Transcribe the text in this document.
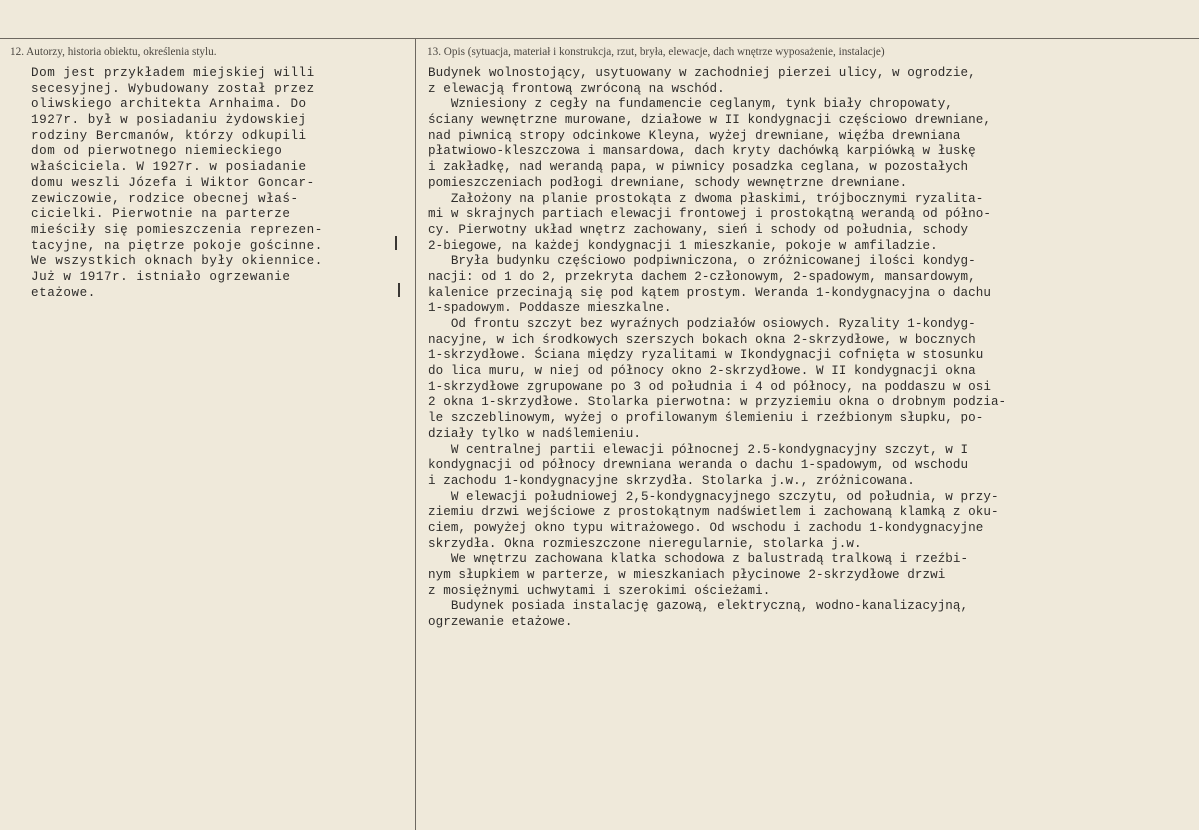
12. Autorzy, historia obiektu, określenia stylu.	13. Opis (sytuacja, materiał i konstrukcja, rzut, bryła, elewacje, dach wnętrze wyposażenie, instalacje)
Dom jest przykładem miejskiej willi
secesyjnej. Wybudowany został przez
oliwskiego architekta Arnhaima. Do
1927r. był w posiadaniu żydowskiej
rodziny Bercmanów, którzy odkupili
dom od pierwotnego niemieckiego
właściciela. W 1927r. w posiadanie
domu weszli Józefa i Wiktor Goncar-
zewiczowie, rodzice obecnej właś-
cicielki. Pierwotnie na parterze
mieściły się pomieszczenia reprezen-
tacyjne, na piętrze pokoje gościnne.
We wszystkich oknach były okiennice.
Już w 1917r. istniało ogrzewanie
etażowe.
Budynek wolnostojący, usytuowany w zachodniej pierzei ulicy, w ogrodzie,
z elewacją frontową zwróconą na wschód.
Wzniesiony z cegły na fundamencie ceglanym, tynk biały chropowaty,
ściany wewnętrzne murowane, działowe w II kondygnacji częściowo drewniane,
nad piwnicą stropy odcinkowe Kleyna, wyżej drewniane, więźba drewniana
płatwiowo-kleszczowa i mansardowa, dach kryty dachówką karpiówką w łuskę
i zakładkę, nad werandą papa, w piwnicy posadzka ceglana, w pozostałych
pomieszczeniach podłogi drewniane, schody wewnętrzne drewniane.
Założony na planie prostokąta z dwoma płaskimi, trójbocznymi ryzalita-
mi w skrajnych partiach elewacji frontowej i prostokątną werandą od półno-
cy. Pierwotny układ wnętrz zachowany, sień i schody od południa, schody
2-biegowe, na każdej kondygnacji 1 mieszkanie, pokoje w amfiladzie.
Bryła budynku częściowo podpiwniczona, o zróżnicowanej ilości kondyg-
nacji: od 1 do 2, przekryta dachem 2-członowym, 2-spadowym, mansardowym,
kalenice przecinają się pod kątem prostym. Weranda 1-kondygnacyjna o dachu
1-spadowym. Poddasze mieszkalne.
Od frontu szczyt bez wyraźnych podziałów osiowych. Ryzality 1-kondyg-
nacyjne, w ich środkowych szerszych bokach okna 2-skrzydłowe, w bocznych
1-skrzydłowe. Ściana między ryzalitami w Ikondygnacji cofnięta w stosunku
do lica muru, w niej od północy okno 2-skrzydłowe. W II kondygnacji okna
1-skrzydłowe zgrupowane po 3 od południa i 4 od północy, na poddaszu w osi
2 okna 1-skrzydłowe. Stolarka pierwotna: w przyziemiu okna o drobnym podzia-
le szczeblinowym, wyżej o profilowanym ślemieniu i rzeźbionym słupku, po-
działy tylko w nadślemieniu.
W centralnej partii elewacji północnej 2.5-kondygnacyjny szczyt, w I
kondygnacji od północy drewniana weranda o dachu 1-spadowym, od wschodu
i zachodu 1-kondygnacyjne skrzydła. Stolarka j.w., zróżnicowana.
W elewacji południowej 2,5-kondygnacyjnego szczytu, od południa, w przy-
ziemiu drzwi wejściowe z prostokątnym nadświetlem i zachowaną klamką z oku-
ciem, powyżej okno typu witrażowego. Od wschodu i zachodu 1-kondygnacyjne
skrzydła. Okna rozmieszczone nieregularnie, stolarka j.w.
We wnętrzu zachowana klatka schodowa z balustradą tralkową i rzeźbi-
nym słupkiem w parterze, w mieszkaniach płycinowe 2-skrzydłowe drzwi
z mosiężnymi uchwytami i szerokimi ościeżami.
Budynek posiada instalację gazową, elektryczną, wodno-kanalizacyjną,
ogrzewanie etażowe.
